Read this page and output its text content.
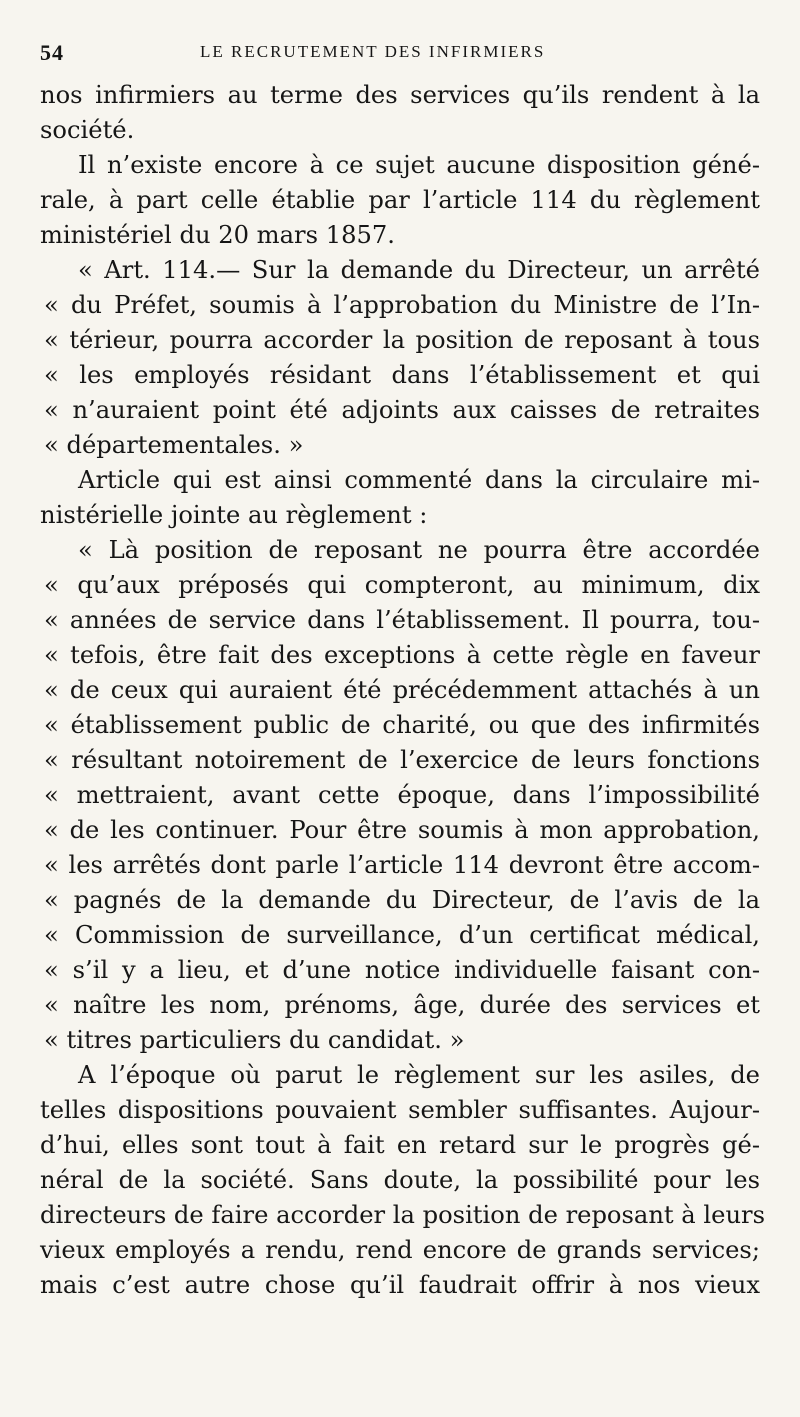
54	LE RECRUTEMENT DES INFIRMIERS
nos infirmiers au terme des services qu’ils rendent à la
société.
Il n’existe encore à ce sujet aucune disposition géné-
rale, à part celle établie par l’article 114 du règlement
ministériel du 20 mars 1857.
« Art. 114.— Sur la demande du Directeur, un arrêté
« du Préfet, soumis à l’approbation du Ministre de l’In-
« térieur, pourra accorder la position de reposant à tous
« les employés résidant dans l’établissement et qui
« n’auraient point été adjoints aux caisses de retraites
« départementales. »
Article qui est ainsi commenté dans la circulaire mi-
nistérielle jointe au règlement :
« Là position de reposant ne pourra être accordée
« qu’aux préposés qui compteront, au minimum, dix
« années de service dans l’établissement. Il pourra, tou-
« tefois, être fait des exceptions à cette règle en faveur
« de ceux qui auraient été précédemment attachés à un
« établissement public de charité, ou que des infirmités
« résultant notoirement de l’exercice de leurs fonctions
« mettraient, avant cette époque, dans l’impossibilité
« de les continuer. Pour être soumis à mon approbation,
« les arrêtés dont parle l’article 114 devront être accom-
« pagnés de la demande du Directeur, de l’avis de la
« Commission de surveillance, d’un certificat médical,
« s’il y a lieu, et d’une notice individuelle faisant con-
« naître les nom, prénoms, âge, durée des services et
« titres particuliers du candidat. »
A l’époque où parut le règlement sur les asiles, de
telles dispositions pouvaient sembler suffisantes. Aujour-
d’hui, elles sont tout à fait en retard sur le progrès gé-
néral de la société. Sans doute, la possibilité pour les
directeurs de faire accorder la position de reposant à leurs
vieux employés a rendu, rend encore de grands services;
mais c’est autre chose qu’il faudrait offrir à nos vieux
